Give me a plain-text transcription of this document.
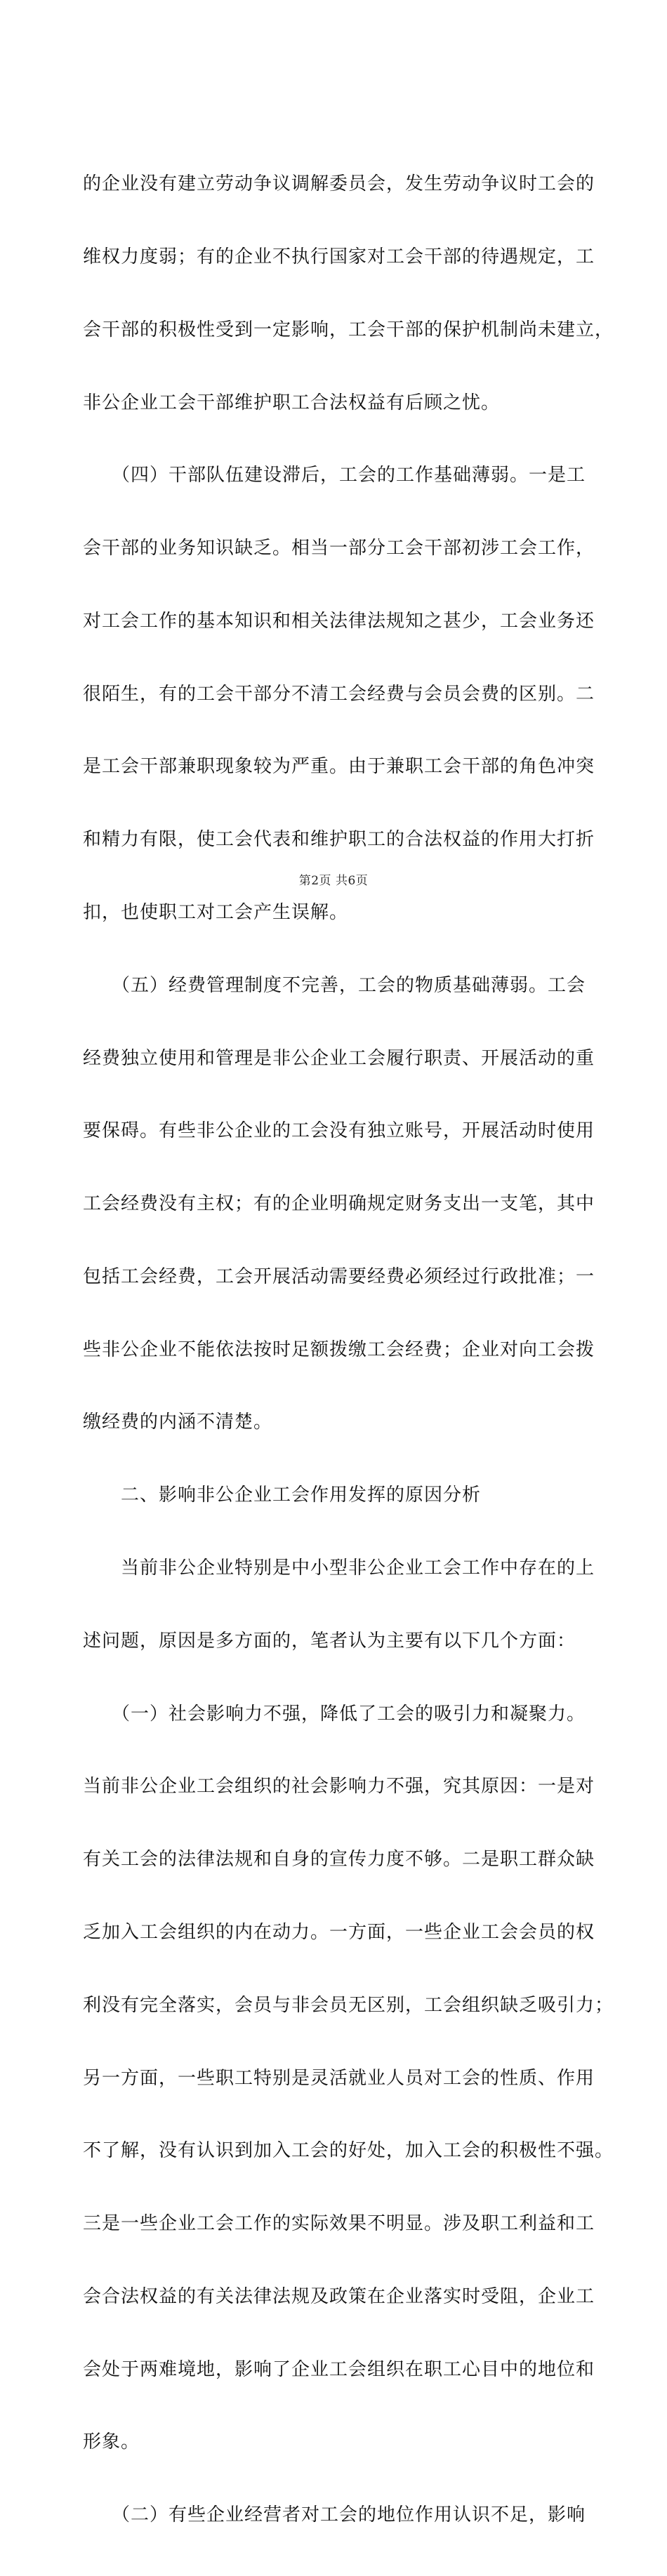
的企业没有建立劳动争议调解委员会，发生劳动争议时工会的

维权力度弱；有的企业不执行国家对工会干部的待遇规定，工

会干部的积极性受到一定影响，工会干部的保护机制尚未建立，

非公企业工会干部维护职工合法权益有后顾之忧。

　　（四）干部队伍建设滞后，工会的工作基础薄弱。一是工

会干部的业务知识缺乏。相当一部分工会干部初涉工会工作，

对工会工作的基本知识和相关法律法规知之甚少，工会业务还

很陌生，有的工会干部分不清工会经费与会员会费的区别。二

是工会干部兼职现象较为严重。由于兼职工会干部的角色冲突

和精力有限，使工会代表和维护职工的合法权益的作用大打折

扣，也使职工对工会产生误解。

　　（五）经费管理制度不完善，工会的物质基础薄弱。工会

经费独立使用和管理是非公企业工会履行职责、开展活动的重

要保碍。有些非公企业的工会没有独立账号，开展活动时使用

工会经费没有主权；有的企业明确规定财务支出一支笔，其中

包括工会经费，工会开展活动需要经费必须经过行政批准；一

些非公企业不能依法按时足额拨缴工会经费；企业对向工会拨

缴经费的内涵不清楚。

　　二、影响非公企业工会作用发挥的原因分析

　　当前非公企业特别是中小型非公企业工会工作中存在的上

述问题，原因是多方面的，笔者认为主要有以下几个方面：

　　（一）社会影响力不强，降低了工会的吸引力和凝聚力。

当前非公企业工会组织的社会影响力不强，究其原因：一是对

有关工会的法律法规和自身的宣传力度不够。二是职工群众缺

乏加入工会组织的内在动力。一方面，一些企业工会会员的权

利没有完全落实，会员与非会员无区别，工会组织缺乏吸引力；

另一方面，一些职工特别是灵活就业人员对工会的性质、作用

不了解，没有认识到加入工会的好处，加入工会的积极性不强。

三是一些企业工会工作的实际效果不明显。涉及职工利益和工

会合法权益的有关法律法规及政策在企业落实时受阻，企业工

会处于两难境地，影响了企业工会组织在职工心目中的地位和

形象。

　　（二）有些企业经营者对工会的地位作用认识不足，影响

第2页 共6页
